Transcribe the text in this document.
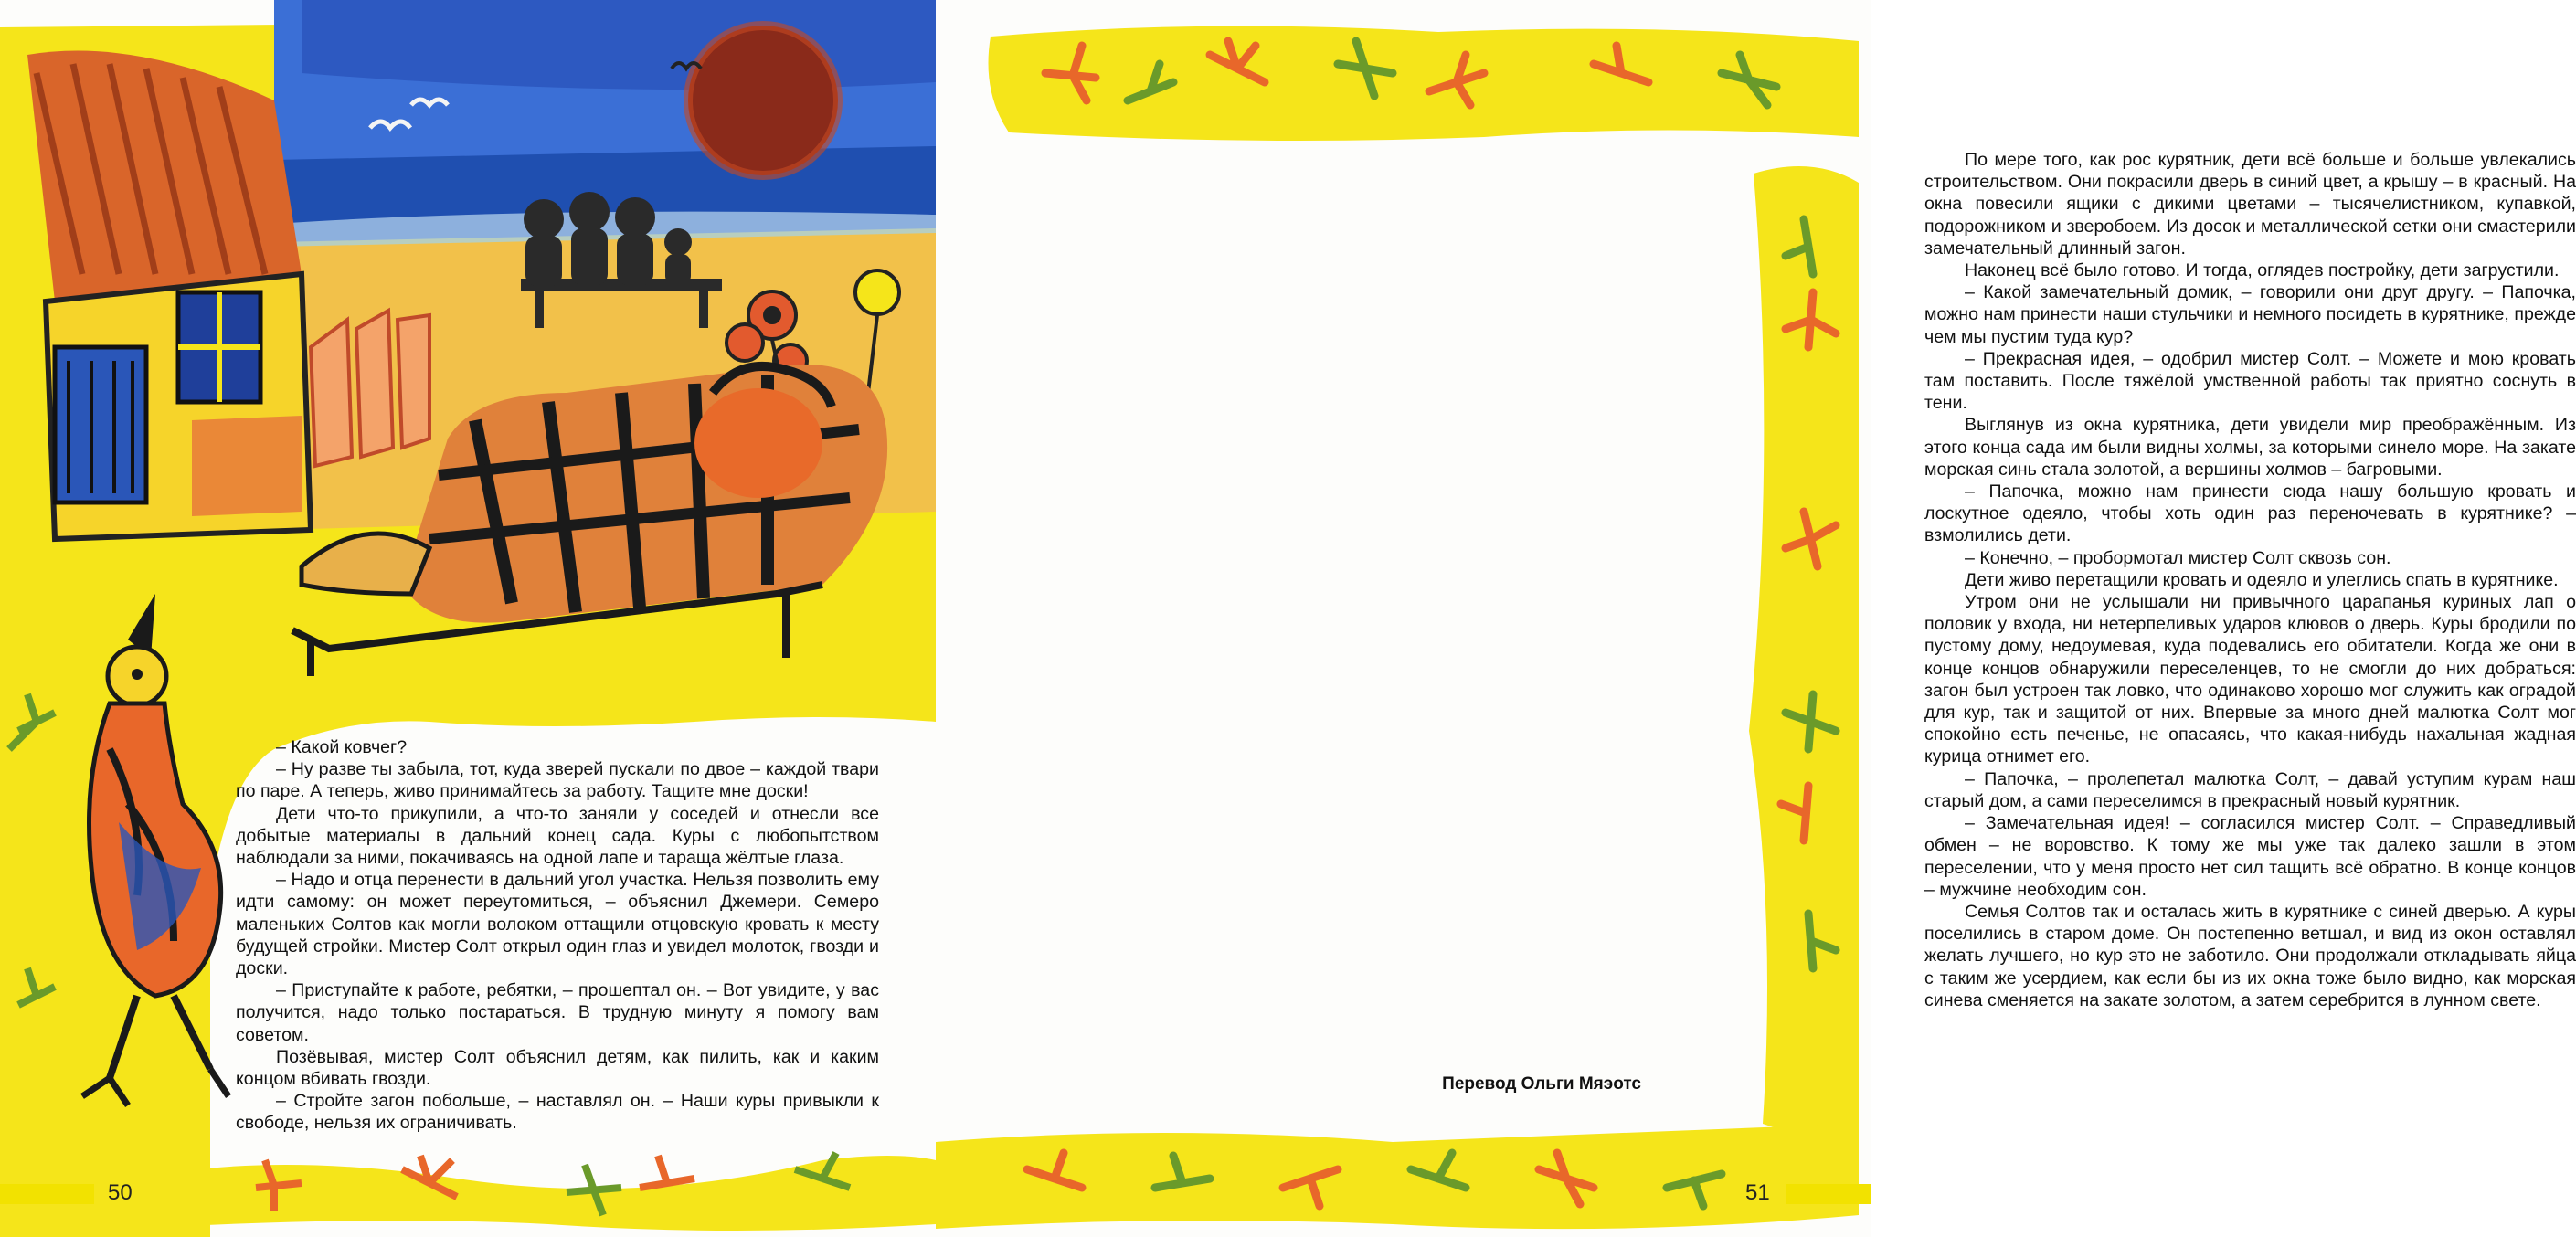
50

– Какой ковчег?

– Ну разве ты забыла, тот, куда зверей пускали по двое – каждой твари по паре. А теперь, живо принимайтесь за работу. Тащите мне доски!

Дети что-то прикупили, а что-то заняли у соседей и отнесли все добытые материалы в дальний конец сада. Куры с любопытством наблюдали за ними, покачиваясь на одной лапе и тараща жёлтые глаза.

– Надо и отца перенести в дальний угол участка. Нельзя позволить ему идти самому: он может переутомиться, – объяснил Джемери. Семеро маленьких Солтов как могли волоком оттащили отцовскую кровать к месту будущей стройки. Мистер Солт открыл один глаз и увидел молоток, гвозди и доски.

– Приступайте к работе, ребятки, – прошептал он. – Вот увидите, у вас получится, надо только постараться. В трудную минуту я помогу вам советом.

Позёвывая, мистер Солт объяснил детям, как пилить, как и каким концом вбивать гвозди.

– Стройте загон побольше, – наставлял он. – Наши куры привыкли к свободе, нельзя их ограничивать.

По мере того, как рос курятник, дети всё больше и больше увлекались строительством. Они покрасили дверь в синий цвет, а крышу – в красный. На окна повесили ящики с дикими цветами – тысячелистником, купавкой, подорожником и зверобоем. Из досок и металлической сетки они смастерили замечательный длинный загон.

Наконец всё было готово. И тогда, оглядев постройку, дети загрустили.

– Какой замечательный домик, – говорили они друг другу. – Папочка, можно нам принести наши стульчики и немного посидеть в курятнике, прежде чем мы пустим туда кур?

– Прекрасная идея, – одобрил мистер Солт. – Можете и мою кровать там поставить. После тяжёлой умственной работы так приятно соснуть в тени.

Выглянув из окна курятника, дети увидели мир преображённым. Из этого конца сада им были видны холмы, за которыми синело море. На закате морская синь стала золотой, а вершины холмов – багровыми.

– Папочка, можно нам принести сюда нашу большую кровать и лоскутное одеяло, чтобы хоть один раз переночевать в курятнике? – взмолились дети.

– Конечно, – пробормотал мистер Солт сквозь сон.

Дети живо перетащили кровать и одеяло и улеглись спать в курятнике.

Утром они не услышали ни привычного царапанья куриных лап о половик у входа, ни нетерпеливых ударов клювов о дверь. Куры бродили по пустому дому, недоумевая, куда подевались его обитатели. Когда же они в конце концов обнаружили переселенцев, то не смогли до них добраться: загон был устроен так ловко, что одинаково хорошо мог служить как оградой для кур, так и защитой от них. Впервые за много дней малютка Солт мог спокойно есть печенье, не опасаясь, что какая-нибудь нахальная жадная курица отнимет его.

– Папочка, – пролепетал малютка Солт, – давай уступим курам наш старый дом, а сами переселимся в прекрасный новый курятник.

– Замечательная идея! – согласился мистер Солт. – Справедливый обмен – не воровство. К тому же мы уже так далеко зашли в этом переселении, что у меня просто нет сил тащить всё обратно. В конце концов – мужчине необходим сон.

Семья Солтов так и осталась жить в курятнике с синей дверью. А куры поселились в старом доме. Он постепенно ветшал, и вид из окон оставлял желать лучшего, но кур это не заботило. Они продолжали откладывать яйца с таким же усердием, как если бы из их окна тоже было видно, как морская синева сменяется на закате золотом, а затем серебрится в лунном свете.

Перевод Ольги Мяэотс
51
